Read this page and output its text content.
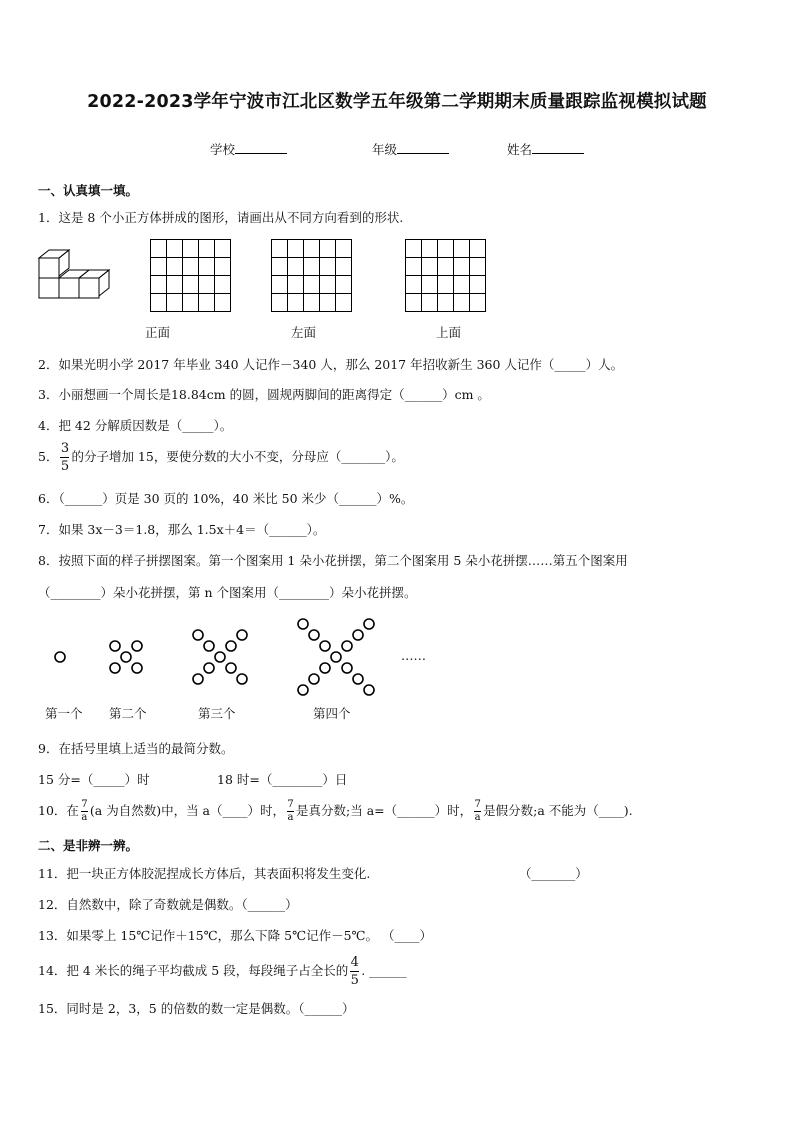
2022-2023学年宁波市江北区数学五年级第二学期期末质量跟踪监视模拟试题
学校	年级	姓名
一、认真填一填。
1．这是 8 个小正方体拼成的图形，请画出从不同方向看到的形状.

正面	左面	上面
2．如果光明小学 2017 年毕业 340 人记作－340 人，那么 2017 年招收新生 360 人记作（_____）人。
3．小丽想画一个周长是18.84cm 的圆，圆规两脚间的距离得定（______）cm 。
4．把 42 分解质因数是（_____）。
5． $\frac{3}{5}$ 的分子增加 15，要使分数的大小不变，分母应（_______）。
6．（______）页是 30 页的 10%，40 米比 50 米少（______）%。
7．如果 3x－3＝1.8，那么 1.5x＋4＝（______）。
8．按照下面的样子拼摆图案。第一个图案用 1 朵小花拼摆，第二个图案用 5 朵小花拼摆……第五个图案用
（________）朵小花拼摆，第 n 个图案用（________）朵小花拼摆。
第一个 第二个	第三个	第四个
……
9．在括号里填上适当的最简分数。
15 分=（_____）时	18 时=（________）日
10．在 $\frac{7}{a} (a$ 为自然数)中，当 a（____）时， $\frac{7}{a}$ 是真分数;当 a=（______）时， $\frac{7}{a}$ 是假分数;a 不能为（____).
二、是非辨一辨。
11．把一块正方体胶泥捏成长方体后，其表面积将发生变化.	（_______）
12．自然数中，除了奇数就是偶数。（______）
13．如果零上 15℃记作＋15℃，那么下降 5℃记作－5℃。 （____）
14．把 4 米长的绳子平均截成 5 段，每段绳子占全长的 $\frac{4}{5}$ . ______
15．同时是 2，3，5 的倍数的数一定是偶数。（______）
